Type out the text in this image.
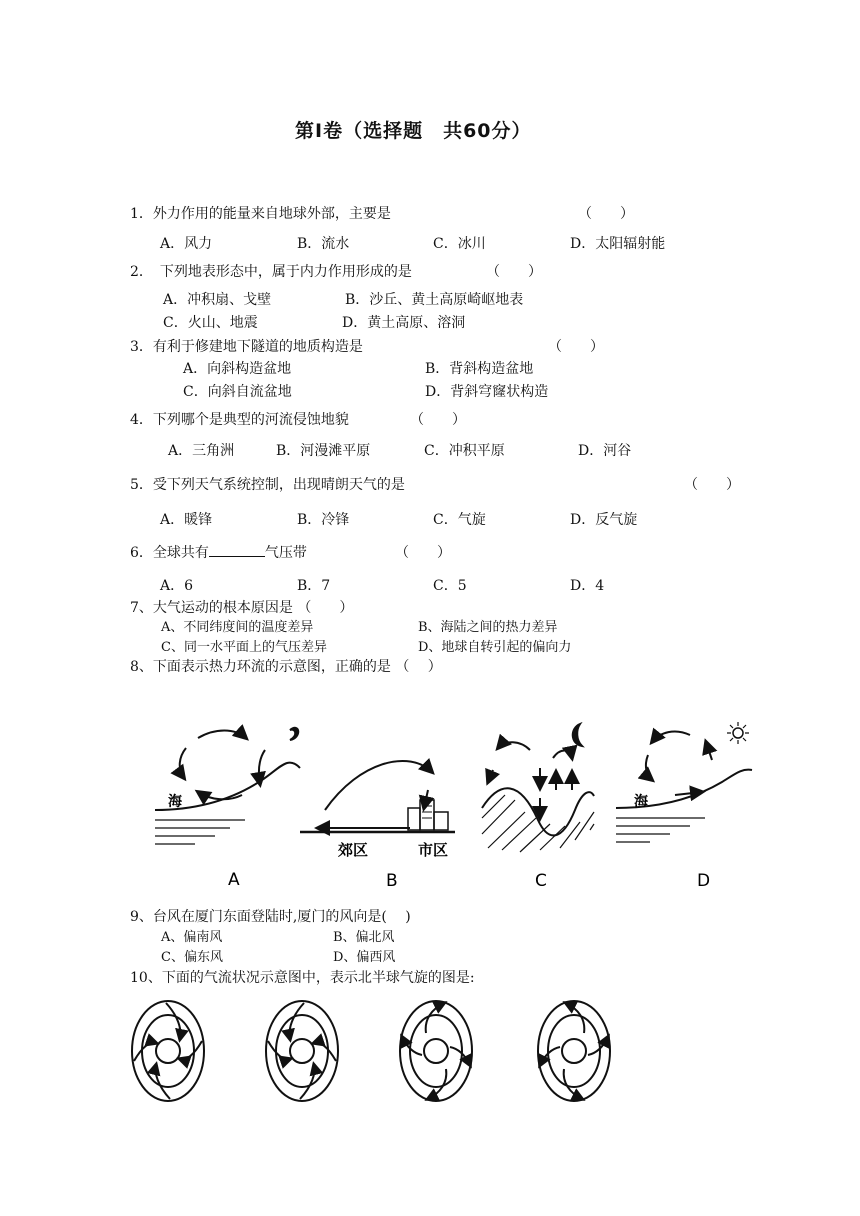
第Ⅰ卷（选择题　共60分）
1．外力作用的能量来自地球外部，主要是	（　　）
A．风力	B．流水	C．冰川	D．太阳辐射能
2．　下列地表形态中，属于内力作用形成的是	（　　）
A．冲积扇、戈壁	B．沙丘、黄土高原崎岖地表
C．火山、地震	D．黄土高原、溶洞
3．有利于修建地下隧道的地质构造是	（　　）
A．向斜构造盆地	B．背斜构造盆地
C．向斜自流盆地	D．背斜穹窿状构造
4．下列哪个是典型的河流侵蚀地貌	（　　）
A．三角洲	B．河漫滩平原	C．冲积平原	D．河谷
5．受下列天气系统控制，出现晴朗天气的是	（　　）
A．暖锋	B．冷锋	C．气旋	D．反气旋
6．全球共有	气压带	（　　）
A．6	B．7	C．5	D．4
7、大气运动的根本原因是 （　　）
A、不同纬度间的温度差异	B、海陆之间的热力差异
C、同一水平面上的气压差异	D、地球自转引起的偏向力
8、下面表示热力环流的示意图，正确的是 （　 ）
海
郊区	市区
海
A	B	C	D
9、台风在厦门东面登陆时,厦门的风向是(　 )
A、偏南风	B、偏北风
C、偏东风	D、偏西风
10、下面的气流状况示意图中，表示北半球气旋的图是:
